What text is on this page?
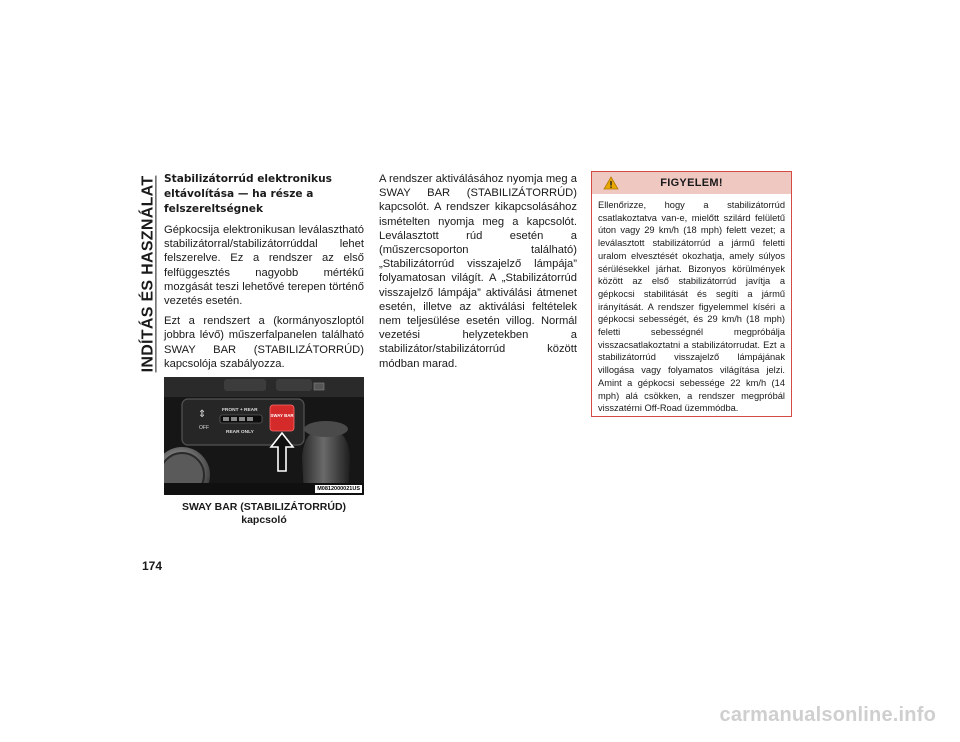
INDÍTÁS ÉS HASZNÁLAT Stabilizátorrúd elektronikus eltávolítása — ha része a felszereltségnek

Gépkocsija elektronikusan leválasztható stabilizátorral/stabilizátorrúddal lehet felszerelve. Ez a rendszer az első felfüggesztés nagyobb mértékű mozgását teszi lehetővé terepen történő vezetés esetén.

Ezt a rendszert a (kormányoszloptól jobbra lévő) műszerfalpanelen található SWAY BAR (STABILIZÁTORRÚD) kapcsolója szabályozza.

⇕
OFF
FRONT + REAR
REAR ONLY
SWAY BAR
M0812000021US
SWAY BAR (STABILIZÁTORRÚD)
kapcsoló

A rendszer aktiválásához nyomja meg a SWAY BAR (STABILIZÁTORRÚD) kapcsolót. A rendszer kikapcsolásához ismételten nyomja meg a kapcsolót. Leválasztott rúd esetén a (műszercsoporton található) „Stabilizátorrúd visszajelző lámpája” folyamatosan világít. A „Stabilizátorrúd visszajelző lámpája” aktiválási átmenet esetén, illetve az aktiválási feltételek nem teljesülése esetén villog. Normál vezetési helyzetekben a stabilizátor/stabilizátorrúd között módban marad.

FIGYELEM!
Ellenőrizze, hogy a stabilizátorrúd csatlakoztatva van-e, mielőtt szilárd felületű úton vagy 29 km/h (18 mph) felett vezet; a leválasztott stabilizátorrúd a jármű feletti uralom elvesztését okozhatja, amely súlyos sérülésekkel járhat. Bizonyos körülmények között az első stabilizátorrúd javítja a gépkocsi stabilitását és segíti a jármű irányítását. A rendszer figyelemmel kíséri a gépkocsi sebességét, és 29 km/h (18 mph) feletti sebességnél megpróbálja visszacsatlakoztatni a stabilizátorrudat. Ezt a stabilizátorrúd visszajelző lámpájának villogása vagy folyamatos világítása jelzi. Amint a gépkocsi sebessége 22 km/h (14 mph) alá csökken, a rendszer megpróbál visszatérni Off-Road üzemmódba.
174
carmanualsonline.info
